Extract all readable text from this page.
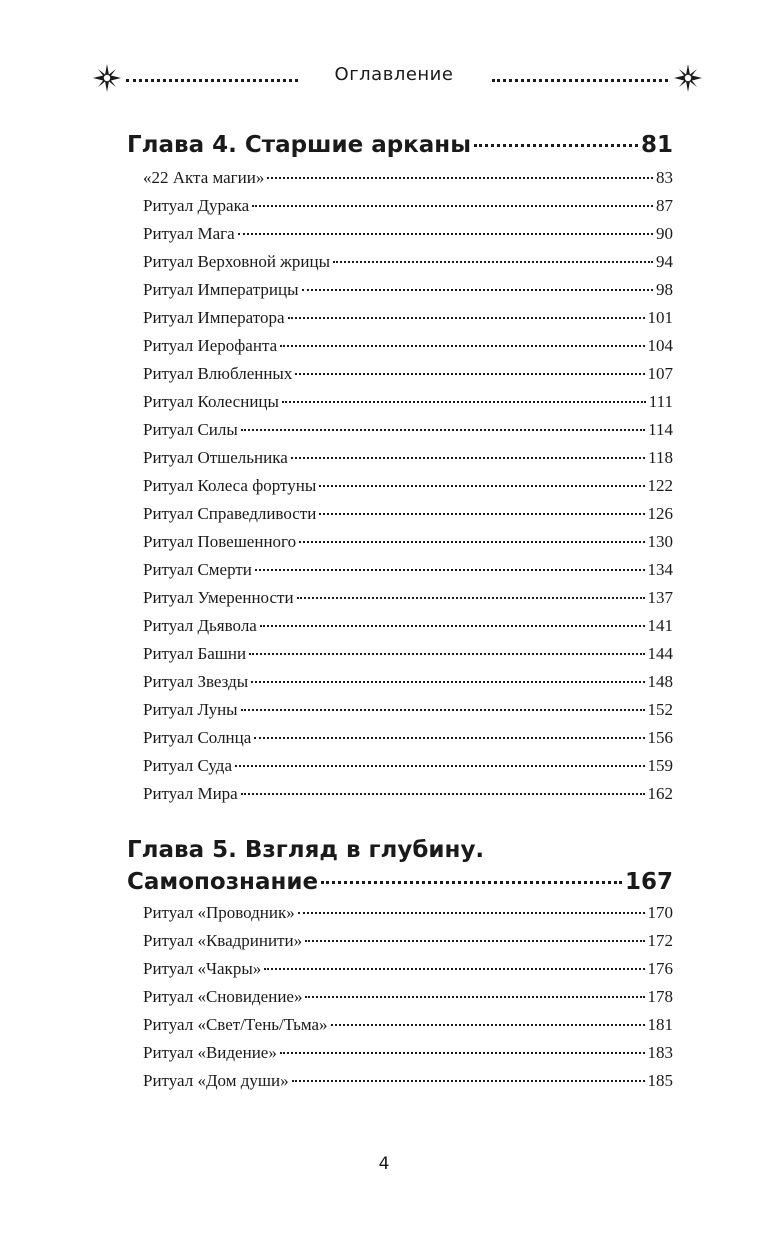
Оглавление
Глава 4. Старшие арканы	81
«22 Акта магии»	83
Ритуал Дурака	87
Ритуал Мага	90
Ритуал Верховной жрицы	94
Ритуал Императрицы	98
Ритуал Императора	101
Ритуал Иерофанта	104
Ритуал Влюбленных	107
Ритуал Колесницы	111
Ритуал Силы	114
Ритуал Отшельника	118
Ритуал Колеса фортуны	122
Ритуал Справедливости	126
Ритуал Повешенного	130
Ритуал Смерти	134
Ритуал Умеренности	137
Ритуал Дьявола	141
Ритуал Башни	144
Ритуал Звезды	148
Ритуал Луны	152
Ритуал Солнца	156
Ритуал Суда	159
Ритуал Мира	162
Глава 5. Взгляд в глубину.
Самопознание	167
Ритуал «Проводник»	170
Ритуал «Квадринити»	172
Ритуал «Чакры»	176
Ритуал «Сновидение»	178
Ритуал «Свет/Тень/Тьма»	181
Ритуал «Видение»	183
Ритуал «Дом души»	185
4
